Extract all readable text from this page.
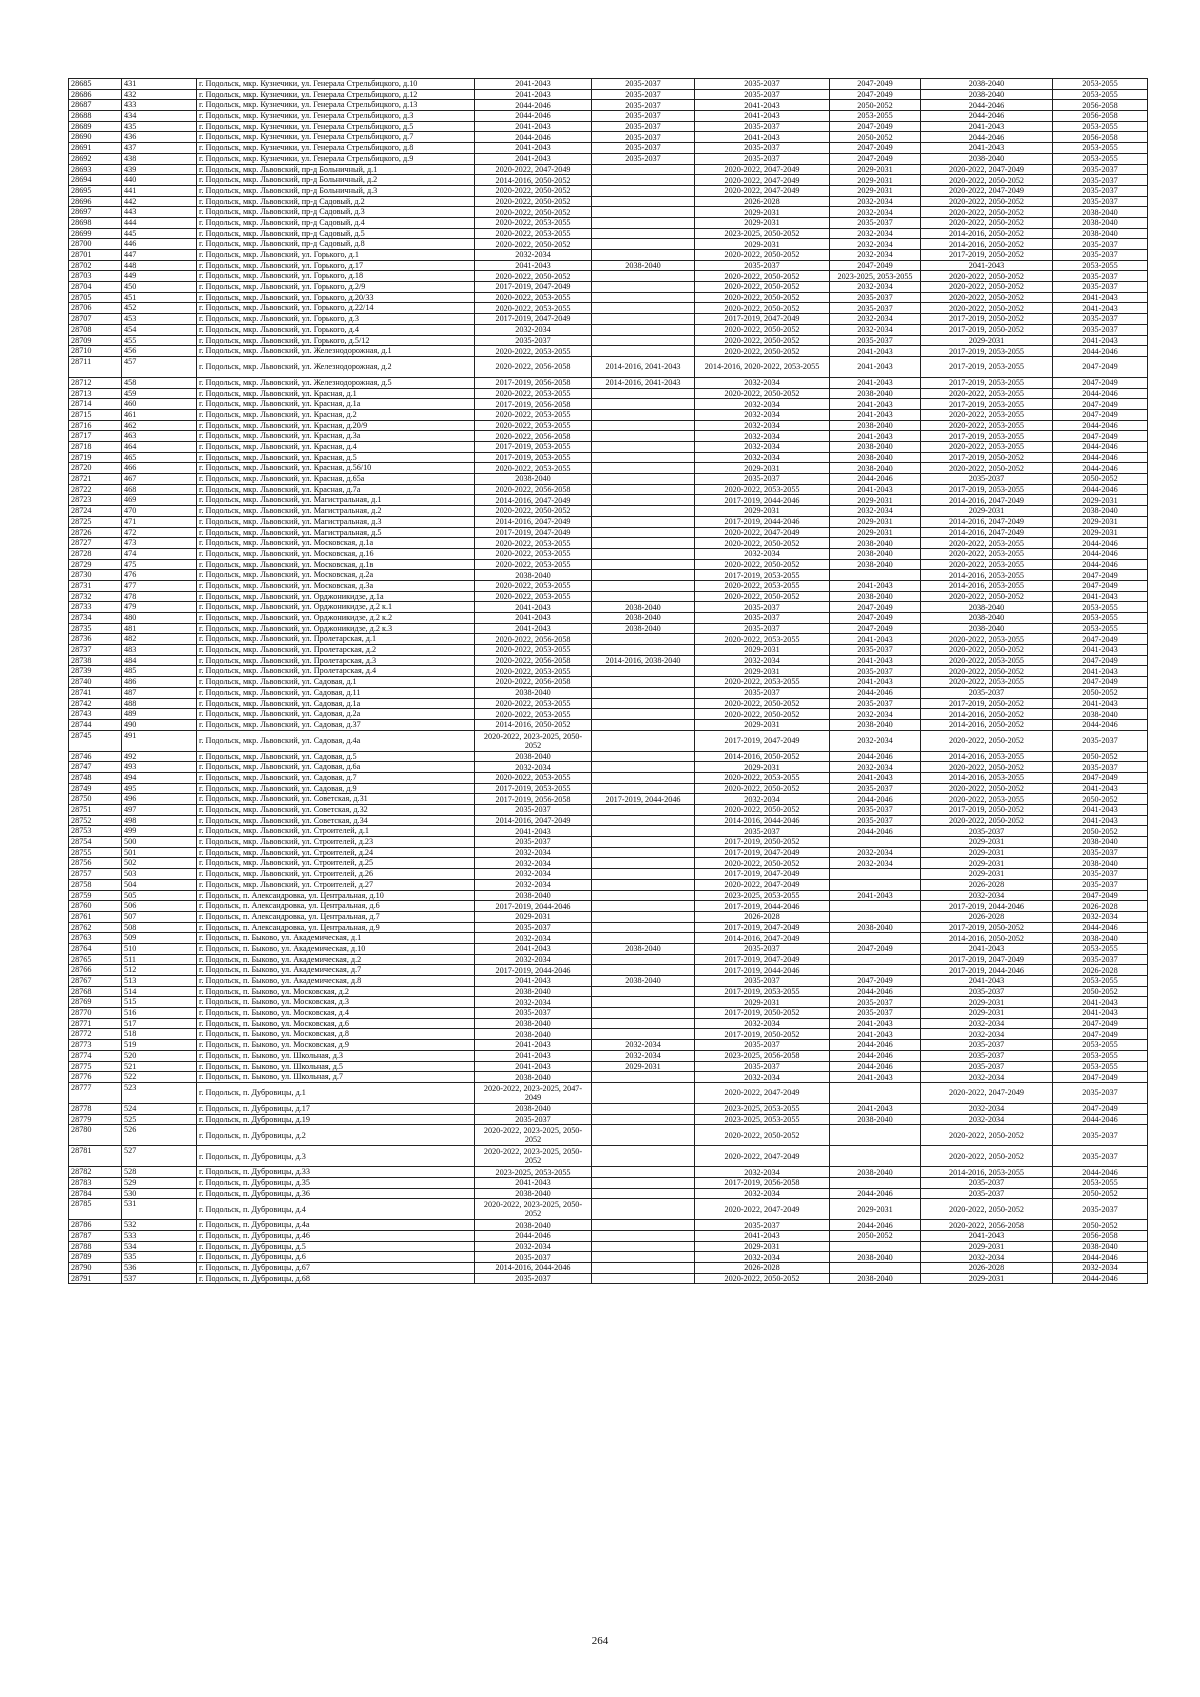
28685	431	г. Подольск, мкр. Кузнечики, ул. Генерала Стрельбицкого, д.10	2041-2043	2035-2037	2035-2037	2047-2049	2038-2040	2053-2055
28686	432	г. Подольск, мкр. Кузнечики, ул. Генерала Стрельбицкого, д.12	2041-2043	2035-2037	2035-2037	2047-2049	2038-2040	2053-2055
28687	433	г. Подольск, мкр. Кузнечики, ул. Генерала Стрельбицкого, д.13	2044-2046	2035-2037	2041-2043	2050-2052	2044-2046	2056-2058
28688	434	г. Подольск, мкр. Кузнечики, ул. Генерала Стрельбицкого, д.3	2044-2046	2035-2037	2041-2043	2053-2055	2044-2046	2056-2058
28689	435	г. Подольск, мкр. Кузнечики, ул. Генерала Стрельбицкого, д.5	2041-2043	2035-2037	2035-2037	2047-2049	2041-2043	2053-2055
28690	436	г. Подольск, мкр. Кузнечики, ул. Генерала Стрельбицкого, д.7	2044-2046	2035-2037	2041-2043	2050-2052	2044-2046	2056-2058
28691	437	г. Подольск, мкр. Кузнечики, ул. Генерала Стрельбицкого, д.8	2041-2043	2035-2037	2035-2037	2047-2049	2041-2043	2053-2055
28692	438	г. Подольск, мкр. Кузнечики, ул. Генерала Стрельбицкого, д.9	2041-2043	2035-2037	2035-2037	2047-2049	2038-2040	2053-2055
28693	439	г. Подольск, мкр. Львовский, пр-д Больничный, д.1	2020-2022, 2047-2049		2020-2022, 2047-2049	2029-2031	2020-2022, 2047-2049	2035-2037
28694	440	г. Подольск, мкр. Львовский, пр-д Больничный, д.2	2014-2016, 2050-2052		2020-2022, 2047-2049	2029-2031	2020-2022, 2050-2052	2035-2037
28695	441	г. Подольск, мкр. Львовский, пр-д Больничный, д.3	2020-2022, 2050-2052		2020-2022, 2047-2049	2029-2031	2020-2022, 2047-2049	2035-2037
28696	442	г. Подольск, мкр. Львовский, пр-д Садовый, д.2	2020-2022, 2050-2052		2026-2028	2032-2034	2020-2022, 2050-2052	2035-2037
28697	443	г. Подольск, мкр. Львовский, пр-д Садовый, д.3	2020-2022, 2050-2052		2029-2031	2032-2034	2020-2022, 2050-2052	2038-2040
28698	444	г. Подольск, мкр. Львовский, пр-д Садовый, д.4	2020-2022, 2053-2055		2029-2031	2035-2037	2020-2022, 2050-2052	2038-2040
28699	445	г. Подольск, мкр. Львовский, пр-д Садовый, д.5	2020-2022, 2053-2055		2023-2025, 2050-2052	2032-2034	2014-2016, 2050-2052	2038-2040
28700	446	г. Подольск, мкр. Львовский, пр-д Садовый, д.8	2020-2022, 2050-2052		2029-2031	2032-2034	2014-2016, 2050-2052	2035-2037
28701	447	г. Подольск, мкр. Львовский, ул. Горького, д.1	2032-2034		2020-2022, 2050-2052	2032-2034	2017-2019, 2050-2052	2035-2037
28702	448	г. Подольск, мкр. Львовский, ул. Горького, д.17	2041-2043	2038-2040	2035-2037	2047-2049	2041-2043	2053-2055
28703	449	г. Подольск, мкр. Львовский, ул. Горького, д.18	2020-2022, 2050-2052		2020-2022, 2050-2052	2023-2025, 2053-2055	2020-2022, 2050-2052	2035-2037
28704	450	г. Подольск, мкр. Львовский, ул. Горького, д.2/9	2017-2019, 2047-2049		2020-2022, 2050-2052	2032-2034	2020-2022, 2050-2052	2035-2037
28705	451	г. Подольск, мкр. Львовский, ул. Горького, д.20/33	2020-2022, 2053-2055		2020-2022, 2050-2052	2035-2037	2020-2022, 2050-2052	2041-2043
28706	452	г. Подольск, мкр. Львовский, ул. Горького, д.22/14	2020-2022, 2053-2055		2020-2022, 2050-2052	2035-2037	2020-2022, 2050-2052	2041-2043
28707	453	г. Подольск, мкр. Львовский, ул. Горького, д.3	2017-2019, 2047-2049		2017-2019, 2047-2049	2032-2034	2017-2019, 2050-2052	2035-2037
28708	454	г. Подольск, мкр. Львовский, ул. Горького, д.4	2032-2034		2020-2022, 2050-2052	2032-2034	2017-2019, 2050-2052	2035-2037
28709	455	г. Подольск, мкр. Львовский, ул. Горького, д.5/12	2035-2037		2020-2022, 2050-2052	2035-2037	2029-2031	2041-2043
28710	456	г. Подольск, мкр. Львовский, ул. Железнодорожная, д.1	2020-2022, 2053-2055		2020-2022, 2050-2052	2041-2043	2017-2019, 2053-2055	2044-2046
28711	457	г. Подольск, мкр. Львовский, ул. Железнодорожная, д.2	2020-2022, 2056-2058	2014-2016, 2041-2043	2014-2016, 2020-2022, 2053-2055	2041-2043	2017-2019, 2053-2055	2047-2049
28712	458	г. Подольск, мкр. Львовский, ул. Железнодорожная, д.5	2017-2019, 2056-2058	2014-2016, 2041-2043	2032-2034	2041-2043	2017-2019, 2053-2055	2047-2049
28713	459	г. Подольск, мкр. Львовский, ул. Красная, д.1	2020-2022, 2053-2055		2020-2022, 2050-2052	2038-2040	2020-2022, 2053-2055	2044-2046
28714	460	г. Подольск, мкр. Львовский, ул. Красная, д.1а	2017-2019, 2056-2058		2032-2034	2041-2043	2017-2019, 2053-2055	2047-2049
28715	461	г. Подольск, мкр. Львовский, ул. Красная, д.2	2020-2022, 2053-2055		2032-2034	2041-2043	2020-2022, 2053-2055	2047-2049
28716	462	г. Подольск, мкр. Львовский, ул. Красная, д.20/9	2020-2022, 2053-2055		2032-2034	2038-2040	2020-2022, 2053-2055	2044-2046
28717	463	г. Подольск, мкр. Львовский, ул. Красная, д.3а	2020-2022, 2056-2058		2032-2034	2041-2043	2017-2019, 2053-2055	2047-2049
28718	464	г. Подольск, мкр. Львовский, ул. Красная, д.4	2017-2019, 2053-2055		2032-2034	2038-2040	2020-2022, 2053-2055	2044-2046
28719	465	г. Подольск, мкр. Львовский, ул. Красная, д.5	2017-2019, 2053-2055		2032-2034	2038-2040	2017-2019, 2050-2052	2044-2046
28720	466	г. Подольск, мкр. Львовский, ул. Красная, д.56/10	2020-2022, 2053-2055		2029-2031	2038-2040	2020-2022, 2050-2052	2044-2046
28721	467	г. Подольск, мкр. Львовский, ул. Красная, д.65а	2038-2040		2035-2037	2044-2046	2035-2037	2050-2052
28722	468	г. Подольск, мкр. Львовский, ул. Красная, д.7а	2020-2022, 2056-2058		2020-2022, 2053-2055	2041-2043	2017-2019, 2053-2055	2044-2046
28723	469	г. Подольск, мкр. Львовский, ул. Магистральная, д.1	2014-2016, 2047-2049		2017-2019, 2044-2046	2029-2031	2014-2016, 2047-2049	2029-2031
28724	470	г. Подольск, мкр. Львовский, ул. Магистральная, д.2	2020-2022, 2050-2052		2029-2031	2032-2034	2029-2031	2038-2040
28725	471	г. Подольск, мкр. Львовский, ул. Магистральная, д.3	2014-2016, 2047-2049		2017-2019, 2044-2046	2029-2031	2014-2016, 2047-2049	2029-2031
28726	472	г. Подольск, мкр. Львовский, ул. Магистральная, д.5	2017-2019, 2047-2049		2020-2022, 2047-2049	2029-2031	2014-2016, 2047-2049	2029-2031
28727	473	г. Подольск, мкр. Львовский, ул. Московская, д.1а	2020-2022, 2053-2055		2020-2022, 2050-2052	2038-2040	2020-2022, 2053-2055	2044-2046
28728	474	г. Подольск, мкр. Львовский, ул. Московская, д.16	2020-2022, 2053-2055		2032-2034	2038-2040	2020-2022, 2053-2055	2044-2046
28729	475	г. Подольск, мкр. Львовский, ул. Московская, д.1в	2020-2022, 2053-2055		2020-2022, 2050-2052	2038-2040	2020-2022, 2053-2055	2044-2046
28730	476	г. Подольск, мкр. Львовский, ул. Московская, д.2а	2038-2040		2017-2019, 2053-2055		2014-2016, 2053-2055	2047-2049
28731	477	г. Подольск, мкр. Львовский, ул. Московская, д.3а	2020-2022, 2053-2055		2020-2022, 2053-2055	2041-2043	2014-2016, 2053-2055	2047-2049
28732	478	г. Подольск, мкр. Львовский, ул. Орджоникидзе, д.1а	2020-2022, 2053-2055		2020-2022, 2050-2052	2038-2040	2020-2022, 2050-2052	2041-2043
28733	479	г. Подольск, мкр. Львовский, ул. Орджоникидзе, д.2 к.1	2041-2043	2038-2040	2035-2037	2047-2049	2038-2040	2053-2055
28734	480	г. Подольск, мкр. Львовский, ул. Орджоникидзе, д.2 к.2	2041-2043	2038-2040	2035-2037	2047-2049	2038-2040	2053-2055
28735	481	г. Подольск, мкр. Львовский, ул. Орджоникидзе, д.2 к.3	2041-2043	2038-2040	2035-2037	2047-2049	2038-2040	2053-2055
28736	482	г. Подольск, мкр. Львовский, ул. Пролетарская, д.1	2020-2022, 2056-2058		2020-2022, 2053-2055	2041-2043	2020-2022, 2053-2055	2047-2049
28737	483	г. Подольск, мкр. Львовский, ул. Пролетарская, д.2	2020-2022, 2053-2055		2029-2031	2035-2037	2020-2022, 2050-2052	2041-2043
28738	484	г. Подольск, мкр. Львовский, ул. Пролетарская, д.3	2020-2022, 2056-2058	2014-2016, 2038-2040	2032-2034	2041-2043	2020-2022, 2053-2055	2047-2049
28739	485	г. Подольск, мкр. Львовский, ул. Пролетарская, д.4	2020-2022, 2053-2055		2029-2031	2035-2037	2020-2022, 2050-2052	2041-2043
28740	486	г. Подольск, мкр. Львовский, ул. Садовая, д.1	2020-2022, 2056-2058		2020-2022, 2053-2055	2041-2043	2020-2022, 2053-2055	2047-2049
28741	487	г. Подольск, мкр. Львовский, ул. Садовая, д.11	2038-2040		2035-2037	2044-2046	2035-2037	2050-2052
28742	488	г. Подольск, мкр. Львовский, ул. Садовая, д.1а	2020-2022, 2053-2055		2020-2022, 2050-2052	2035-2037	2017-2019, 2050-2052	2041-2043
28743	489	г. Подольск, мкр. Львовский, ул. Садовая, д.2а	2020-2022, 2053-2055		2020-2022, 2050-2052	2032-2034	2014-2016, 2050-2052	2038-2040
28744	490	г. Подольск, мкр. Львовский, ул. Садовая, д.37	2014-2016, 2050-2052		2029-2031	2038-2040	2014-2016, 2050-2052	2044-2046
28745	491	г. Подольск, мкр. Львовский, ул. Садовая, д.4а	2020-2022, 2023-2025, 2050-2052		2017-2019, 2047-2049	2032-2034	2020-2022, 2050-2052	2035-2037
28746	492	г. Подольск, мкр. Львовский, ул. Садовая, д.5	2038-2040		2014-2016, 2050-2052	2044-2046	2014-2016, 2053-2055	2050-2052
28747	493	г. Подольск, мкр. Львовский, ул. Садовая, д.6а	2032-2034		2029-2031	2032-2034	2020-2022, 2050-2052	2035-2037
28748	494	г. Подольск, мкр. Львовский, ул. Садовая, д.7	2020-2022, 2053-2055		2020-2022, 2053-2055	2041-2043	2014-2016, 2053-2055	2047-2049
28749	495	г. Подольск, мкр. Львовский, ул. Садовая, д.9	2017-2019, 2053-2055		2020-2022, 2050-2052	2035-2037	2020-2022, 2050-2052	2041-2043
28750	496	г. Подольск, мкр. Львовский, ул. Советская, д.31	2017-2019, 2056-2058	2017-2019, 2044-2046	2032-2034	2044-2046	2020-2022, 2053-2055	2050-2052
28751	497	г. Подольск, мкр. Львовский, ул. Советская, д.32	2035-2037		2020-2022, 2050-2052	2035-2037	2017-2019, 2050-2052	2041-2043
28752	498	г. Подольск, мкр. Львовский, ул. Советская, д.34	2014-2016, 2047-2049		2014-2016, 2044-2046	2035-2037	2020-2022, 2050-2052	2041-2043
28753	499	г. Подольск, мкр. Львовский, ул. Строителей, д.1	2041-2043		2035-2037	2044-2046	2035-2037	2050-2052
28754	500	г. Подольск, мкр. Львовский, ул. Строителей, д.23	2035-2037		2017-2019, 2050-2052		2029-2031	2038-2040
28755	501	г. Подольск, мкр. Львовский, ул. Строителей, д.24	2032-2034		2017-2019, 2047-2049	2032-2034	2029-2031	2035-2037
28756	502	г. Подольск, мкр. Львовский, ул. Строителей, д.25	2032-2034		2020-2022, 2050-2052	2032-2034	2029-2031	2038-2040
28757	503	г. Подольск, мкр. Львовский, ул. Строителей, д.26	2032-2034		2017-2019, 2047-2049		2029-2031	2035-2037
28758	504	г. Подольск, мкр. Львовский, ул. Строителей, д.27	2032-2034		2020-2022, 2047-2049		2026-2028	2035-2037
28759	505	г. Подольск, п. Александровка, ул. Центральная, д.10	2038-2040		2023-2025, 2053-2055	2041-2043	2032-2034	2047-2049
28760	506	г. Подольск, п. Александровка, ул. Центральная, д.6	2017-2019, 2044-2046		2017-2019, 2044-2046		2017-2019, 2044-2046	2026-2028
28761	507	г. Подольск, п. Александровка, ул. Центральная, д.7	2029-2031		2026-2028		2026-2028	2032-2034
28762	508	г. Подольск, п. Александровка, ул. Центральная, д.9	2035-2037		2017-2019, 2047-2049	2038-2040	2017-2019, 2050-2052	2044-2046
28763	509	г. Подольск, п. Быково, ул. Академическая, д.1	2032-2034		2014-2016, 2047-2049		2014-2016, 2050-2052	2038-2040
28764	510	г. Подольск, п. Быково, ул. Академическая, д.10	2041-2043	2038-2040	2035-2037	2047-2049	2041-2043	2053-2055
28765	511	г. Подольск, п. Быково, ул. Академическая, д.2	2032-2034		2017-2019, 2047-2049		2017-2019, 2047-2049	2035-2037
28766	512	г. Подольск, п. Быково, ул. Академическая, д.7	2017-2019, 2044-2046		2017-2019, 2044-2046		2017-2019, 2044-2046	2026-2028
28767	513	г. Подольск, п. Быково, ул. Академическая, д.8	2041-2043	2038-2040	2035-2037	2047-2049	2041-2043	2053-2055
28768	514	г. Подольск, п. Быково, ул. Московская, д.2	2038-2040		2017-2019, 2053-2055	2044-2046	2035-2037	2050-2052
28769	515	г. Подольск, п. Быково, ул. Московская, д.3	2032-2034		2029-2031	2035-2037	2029-2031	2041-2043
28770	516	г. Подольск, п. Быково, ул. Московская, д.4	2035-2037		2017-2019, 2050-2052	2035-2037	2029-2031	2041-2043
28771	517	г. Подольск, п. Быково, ул. Московская, д.6	2038-2040		2032-2034	2041-2043	2032-2034	2047-2049
28772	518	г. Подольск, п. Быково, ул. Московская, д.8	2038-2040		2017-2019, 2050-2052	2041-2043	2032-2034	2047-2049
28773	519	г. Подольск, п. Быково, ул. Московская, д.9	2041-2043	2032-2034	2035-2037	2044-2046	2035-2037	2053-2055
28774	520	г. Подольск, п. Быково, ул. Школьная, д.3	2041-2043	2032-2034	2023-2025, 2056-2058	2044-2046	2035-2037	2053-2055
28775	521	г. Подольск, п. Быково, ул. Школьная, д.5	2041-2043	2029-2031	2035-2037	2044-2046	2035-2037	2053-2055
28776	522	г. Подольск, п. Быково, ул. Школьная, д.7	2038-2040		2032-2034	2041-2043	2032-2034	2047-2049
28777	523	г. Подольск, п. Дубровицы, д.1	2020-2022, 2023-2025, 2047-2049		2020-2022, 2047-2049		2020-2022, 2047-2049	2035-2037
28778	524	г. Подольск, п. Дубровицы, д.17	2038-2040		2023-2025, 2053-2055	2041-2043	2032-2034	2047-2049
28779	525	г. Подольск, п. Дубровицы, д.19	2035-2037		2023-2025, 2053-2055	2038-2040	2032-2034	2044-2046
28780	526	г. Подольск, п. Дубровицы, д.2	2020-2022, 2023-2025, 2050-2052		2020-2022, 2050-2052		2020-2022, 2050-2052	2035-2037
28781	527	г. Подольск, п. Дубровицы, д.3	2020-2022, 2023-2025, 2050-2052		2020-2022, 2047-2049		2020-2022, 2050-2052	2035-2037
28782	528	г. Подольск, п. Дубровицы, д.33	2023-2025, 2053-2055		2032-2034	2038-2040	2014-2016, 2053-2055	2044-2046
28783	529	г. Подольск, п. Дубровицы, д.35	2041-2043		2017-2019, 2056-2058		2035-2037	2053-2055
28784	530	г. Подольск, п. Дубровицы, д.36	2038-2040		2032-2034	2044-2046	2035-2037	2050-2052
28785	531	г. Подольск, п. Дубровицы, д.4	2020-2022, 2023-2025, 2050-2052		2020-2022, 2047-2049	2029-2031	2020-2022, 2050-2052	2035-2037
28786	532	г. Подольск, п. Дубровицы, д.4а	2038-2040		2035-2037	2044-2046	2020-2022, 2056-2058	2050-2052
28787	533	г. Подольск, п. Дубровицы, д.46	2044-2046		2041-2043	2050-2052	2041-2043	2056-2058
28788	534	г. Подольск, п. Дубровицы, д.5	2032-2034		2029-2031		2029-2031	2038-2040
28789	535	г. Подольск, п. Дубровицы, д.6	2035-2037		2032-2034	2038-2040	2032-2034	2044-2046
28790	536	г. Подольск, п. Дубровицы, д.67	2014-2016, 2044-2046		2026-2028		2026-2028	2032-2034
28791	537	г. Подольск, п. Дубровицы, д.68	2035-2037		2020-2022, 2050-2052	2038-2040	2029-2031	2044-2046
264
